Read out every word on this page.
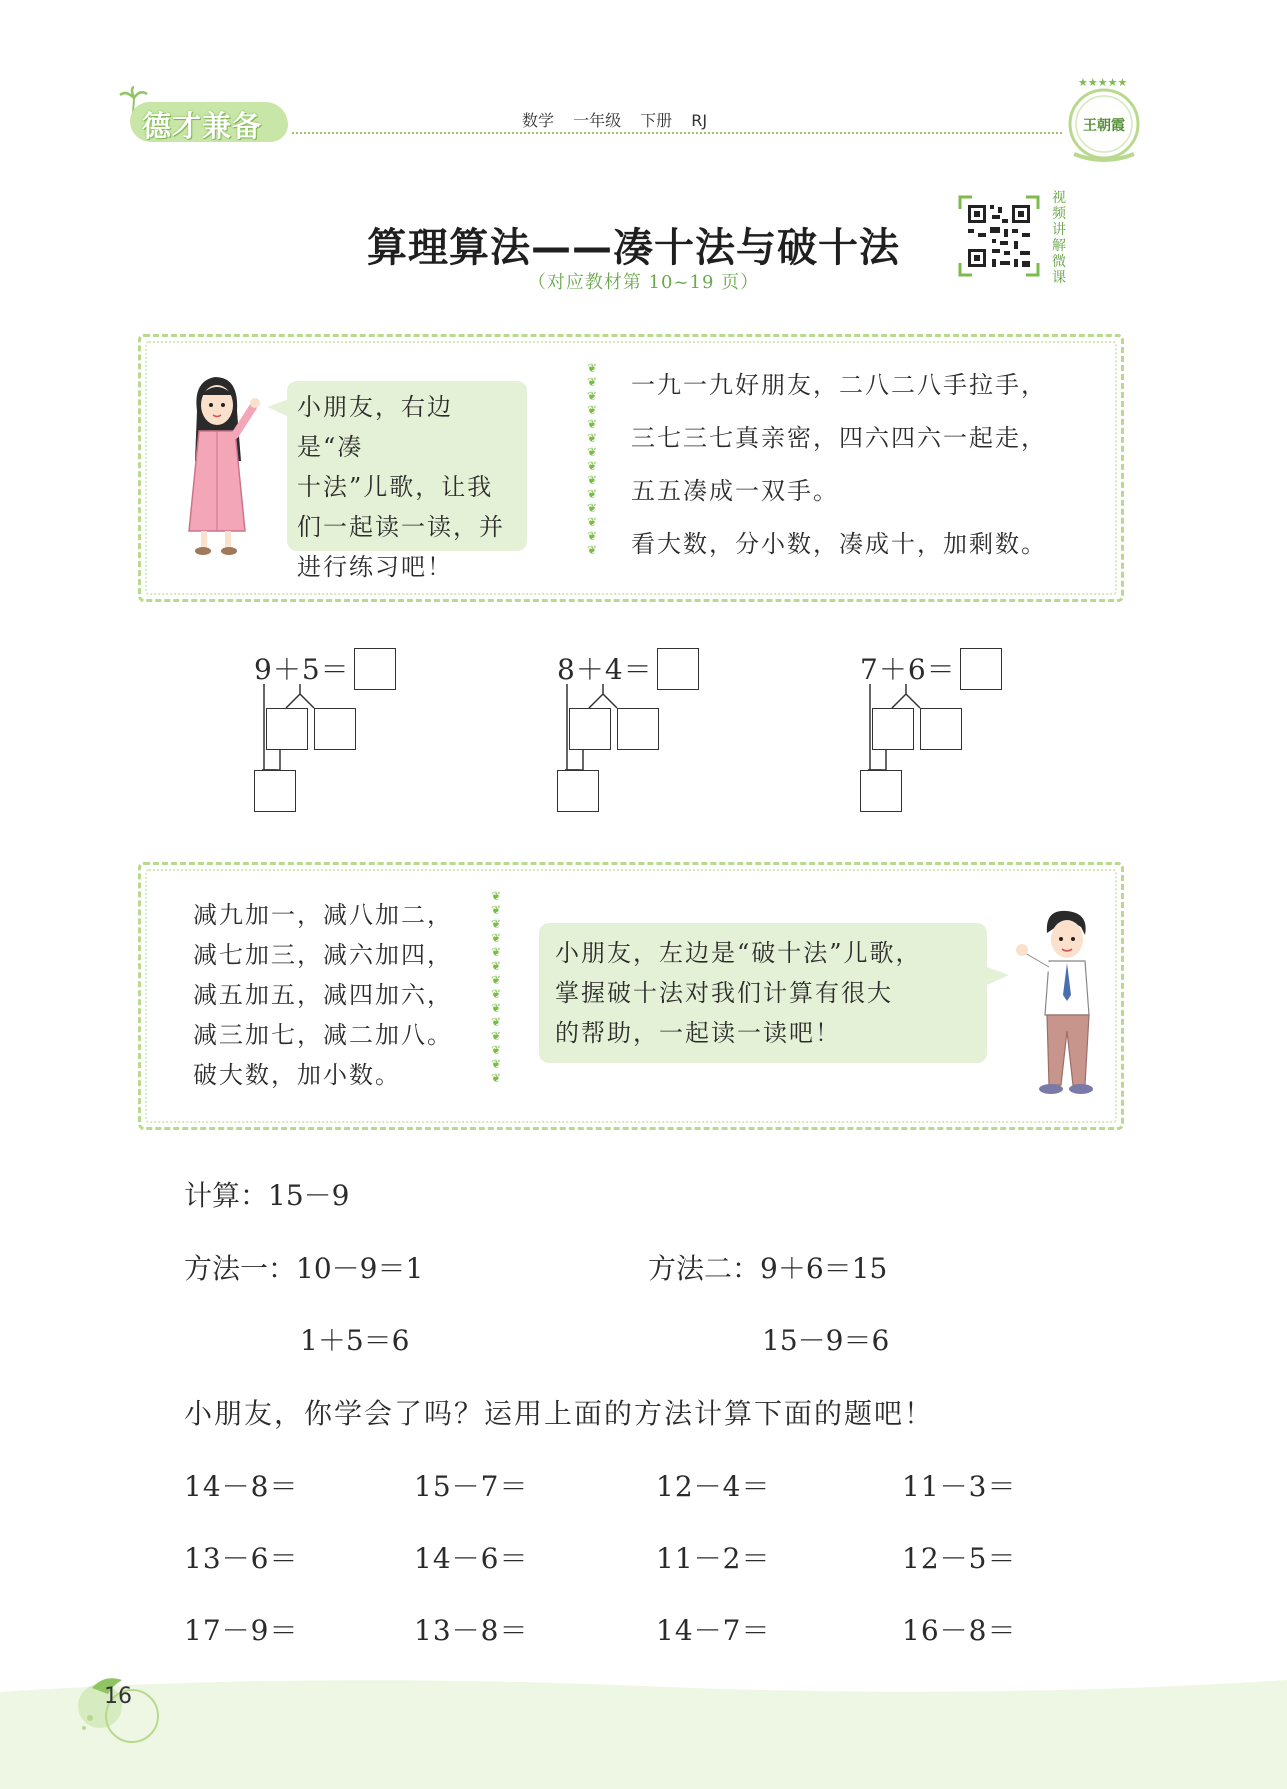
德才兼备	数学 一年级 下册 RJ
★★★★★
王朝霞
算理算法——凑十法与破十法
（对应教材第 10~19 页）
视
频
讲
解
微
课
小朋友，右边是“凑
十法”儿歌，让我
们一起读一读，并
进行练习吧！
❦
❦
❦
❦
❦
❦
❦
❦
❦
❦
❦
❦
❦
❦
一九一九好朋友，二八二八手拉手，
三七三七真亲密，四六四六一起走，
五五凑成一双手。
看大数，分小数，凑成十，加剩数。
9＋5＝	8＋4＝	7＋6＝
减九加一，减八加二，
减七加三，减六加四，
减五加五，减四加六，
减三加七，减二加八。
破大数，加小数。
❦
❦
❦
❦
❦
❦
❦
❦
❦
❦
❦
❦
❦
❦
小朋友，左边是“破十法”儿歌，
掌握破十法对我们计算有很大
的帮助，一起读一读吧！
计算：15－9
方法一：10－9＝1
1＋5＝6
方法二：9＋6＝15
15－9＝6
小朋友，你学会了吗？运用上面的方法计算下面的题吧！
14－8＝	15－7＝	12－4＝	11－3＝
13－6＝	14－6＝	11－2＝	12－5＝
17－9＝	13－8＝	14－7＝	16－8＝
16
